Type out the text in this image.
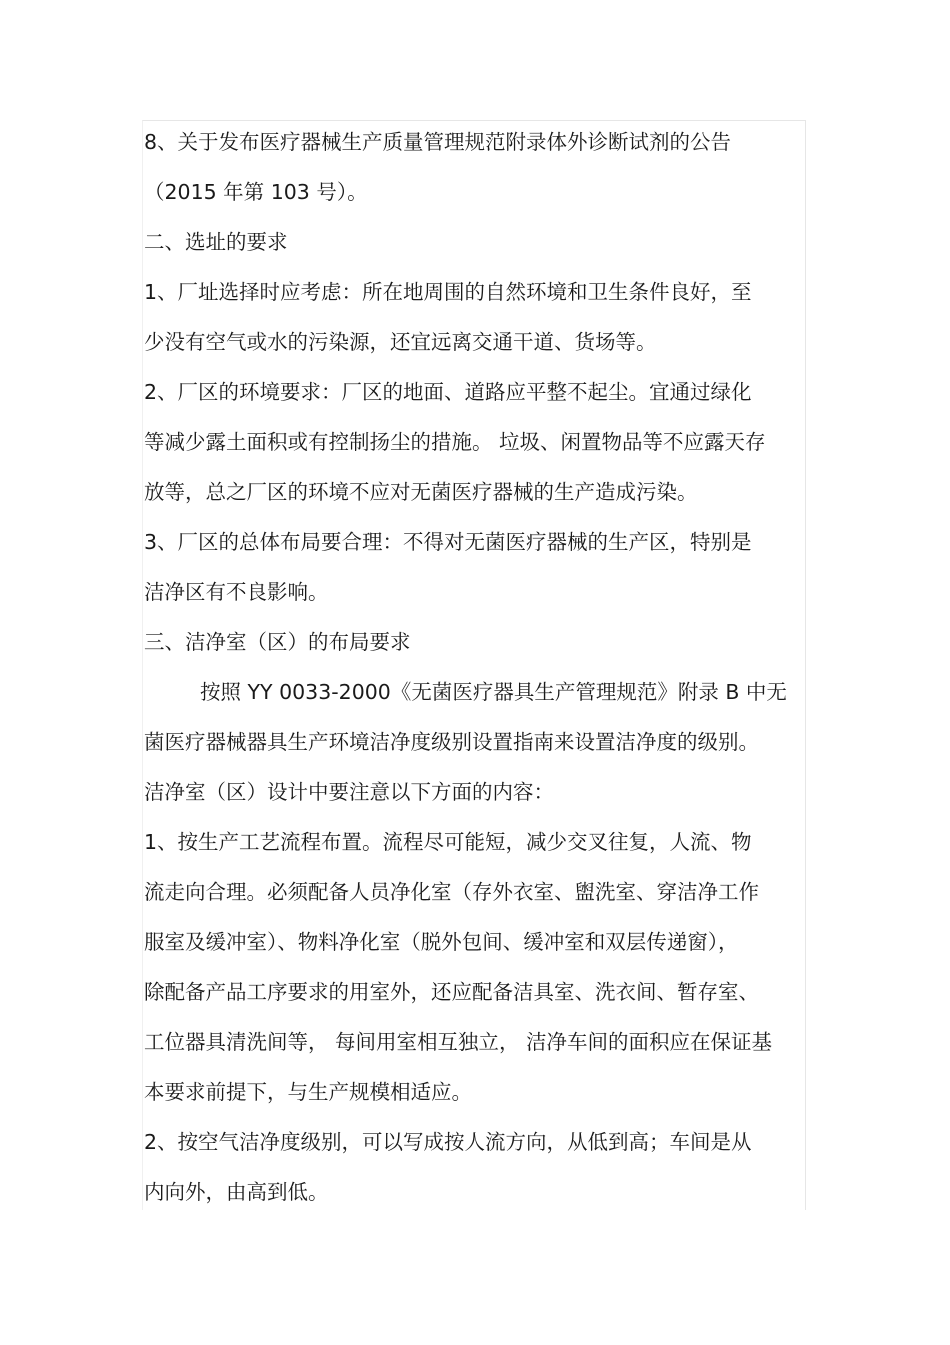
8、关于发布医疗器械生产质量管理规范附录体外诊断试剂的公告
（2015 年第 103 号）。
二、选址的要求
1、厂址选择时应考虑：所在地周围的自然环境和卫生条件良好，至
少没有空气或水的污染源，还宜远离交通干道、货场等。
2、厂区的环境要求：厂区的地面、道路应平整不起尘。宜通过绿化
等减少露土面积或有控制扬尘的措施。 垃圾、闲置物品等不应露天存
放等，总之厂区的环境不应对无菌医疗器械的生产造成污染。
3、厂区的总体布局要合理：不得对无菌医疗器械的生产区，特别是
洁净区有不良影响。
三、洁净室（区）的布局要求
按照 YY 0033-2000《无菌医疗器具生产管理规范》附录 B 中无
菌医疗器械器具生产环境洁净度级别设置指南来设置洁净度的级别。
洁净室（区）设计中要注意以下方面的内容：
1、按生产工艺流程布置。流程尽可能短，减少交叉往复，人流、物
流走向合理。必须配备人员净化室（存外衣室、盥洗室、穿洁净工作
服室及缓冲室）、物料净化室（脱外包间、缓冲室和双层传递窗），
除配备产品工序要求的用室外，还应配备洁具室、洗衣间、暂存室、
工位器具清洗间等， 每间用室相互独立， 洁净车间的面积应在保证基
本要求前提下，与生产规模相适应。
2、按空气洁净度级别，可以写成按人流方向，从低到高；车间是从
内向外，由高到低。
